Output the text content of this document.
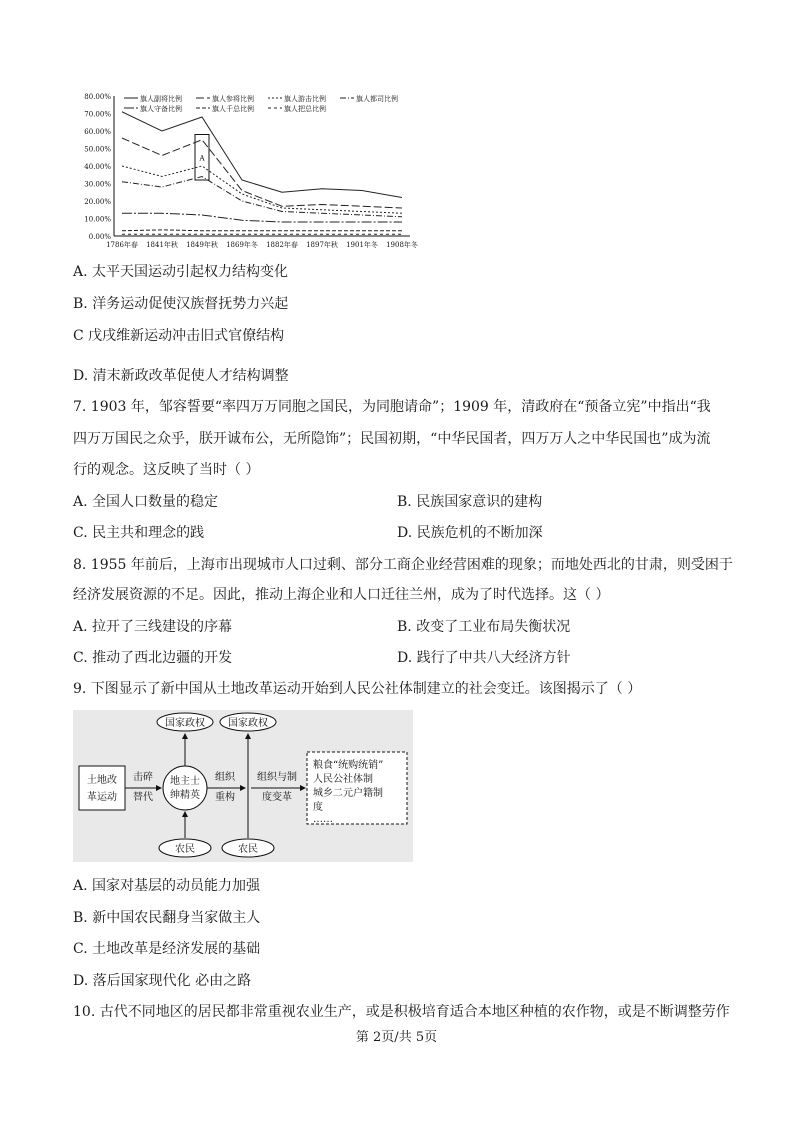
80.00%
70.00%
60.00%
50.00%
40.00%
30.00%
20.00%
10.00%
0.00%
1786年春 1841年秋 1849年秋 1869年冬 1882年春 1897年秋 1901年冬 1908年冬
旗人副将比例	旗人参将比例	旗人游击比例	旗人都司比例
旗人守备比例	旗人千总比例	旗人把总比例
A
A. 太平天国运动引起权力结构变化
B. 洋务运动促使汉族督抚势力兴起
C 戊戌维新运动冲击旧式官僚结构
D. 清末新政改革促使人才结构调整
7. 1903 年，邹容誓要“率四万万同胞之国民，为同胞请命”；1909 年，清政府在“预备立宪”中指出“我
四万万国民之众乎，朕开诚布公，无所隐饰”；民国初期，“中华民国者，四万万人之中华民国也”成为流
行的观念。这反映了当时（ ）
A. 全国人口数量的稳定	B. 民族国家意识的建构
C. 民主共和理念的践	D. 民族危机的不断加深
8. 1955 年前后，上海市出现城市人口过剩、部分工商企业经营困难的现象；而地处西北的甘肃，则受困于
经济发展资源的不足。因此，推动上海企业和人口迁往兰州，成为了时代选择。这（ ）
A. 拉开了三线建设的序幕	B. 改变了工业布局失衡状况
C. 推动了西北边疆的开发	D. 践行了中共八大经济方针
9. 下图显示了新中国从土地改革运动开始到人民公社体制建立的社会变迁。该图揭示了（ ）
国家政权 国家政权
土地改
革运动
击碎
替代
地主士
绅精英
组织
重构
组织与制
度变革
粮食“统购统销”
人民公社体制
城乡二元户籍制
度
……
农民	农民
A. 国家对基层的动员能力加强
B. 新中国农民翻身当家做主人
C. 土地改革是经济发展的基础
D. 落后国家现代化 必由之路
10. 古代不同地区的居民都非常重视农业生产，或是积极培育适合本地区种植的农作物，或是不断调整劳作
第 2页/共 5页
